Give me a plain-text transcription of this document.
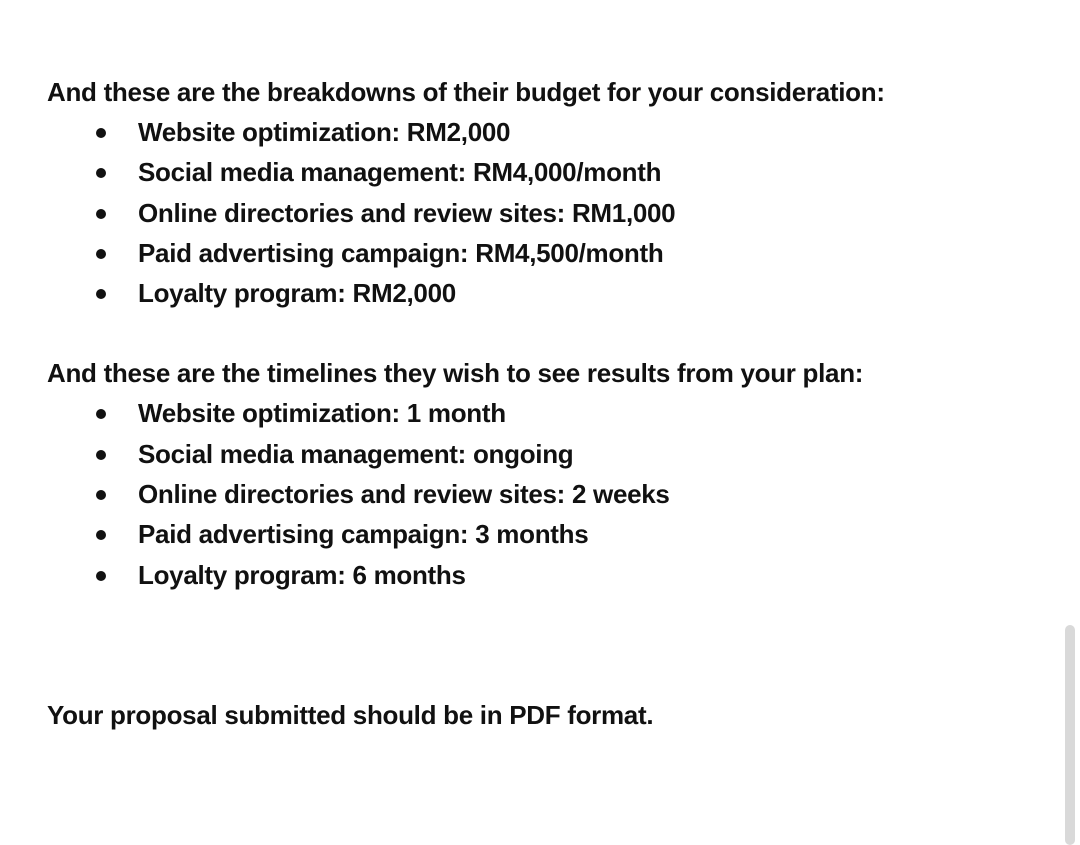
And these are the breakdowns of their budget for your consideration:

Website optimization: RM2,000
Social media management: RM4,000/month
Online directories and review sites: RM1,000
Paid advertising campaign: RM4,500/month
Loyalty program: RM2,000

And these are the timelines they wish to see results from your plan:

Website optimization: 1 month
Social media management: ongoing
Online directories and review sites: 2 weeks
Paid advertising campaign: 3 months
Loyalty program: 6 months

Your proposal submitted should be in PDF format.
